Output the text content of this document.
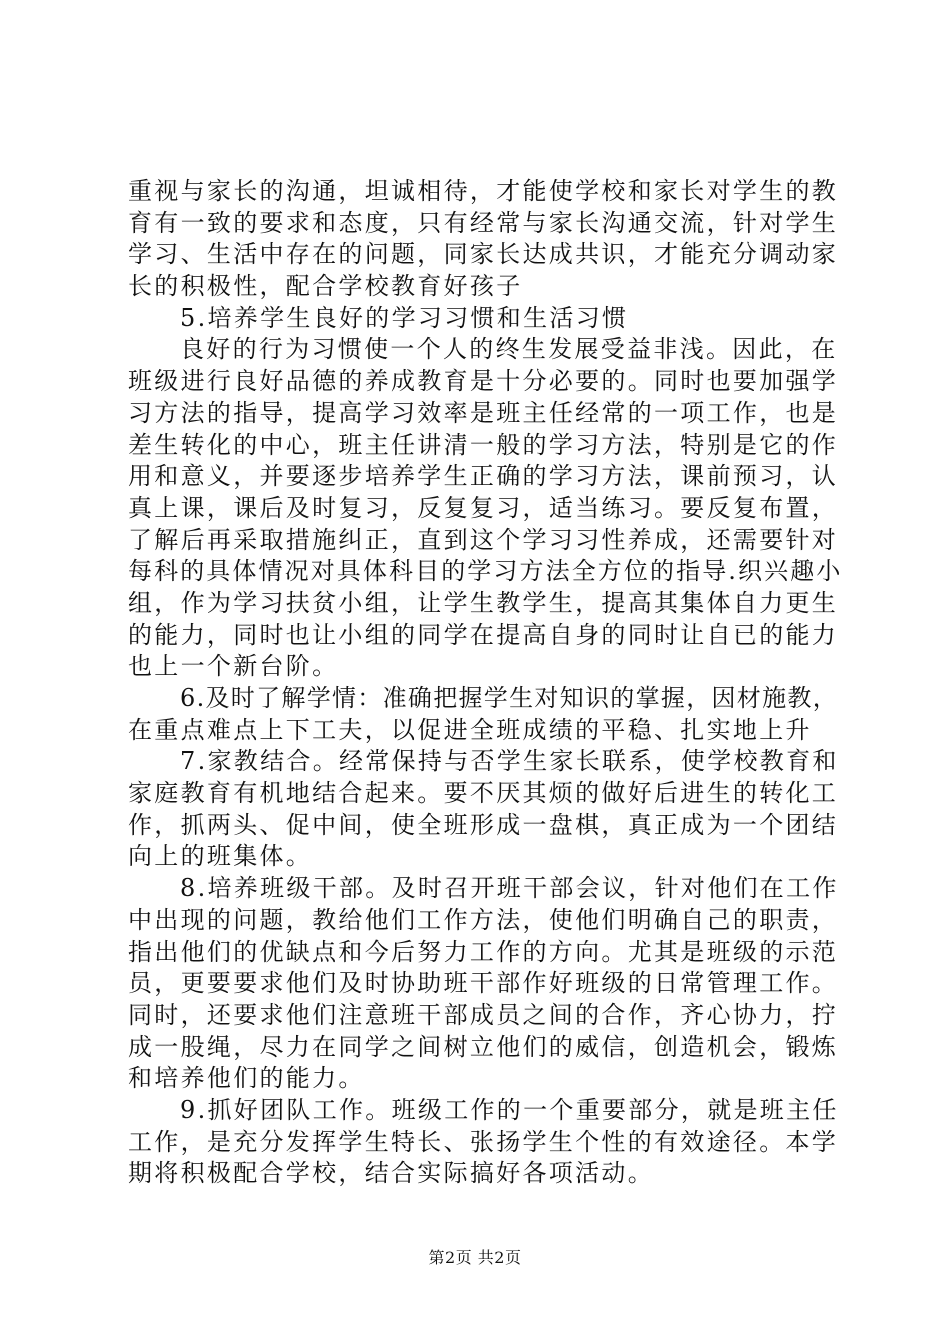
重视与家长的沟通，坦诚相待，才能使学校和家长对学生的教
育有一致的要求和态度，只有经常与家长沟通交流，针对学生
学习、生活中存在的问题，同家长达成共识，才能充分调动家
长的积极性，配合学校教育好孩子
5.培养学生良好的学习习惯和生活习惯
良好的行为习惯使一个人的终生发展受益非浅。因此，在
班级进行良好品德的养成教育是十分必要的。同时也要加强学
习方法的指导，提高学习效率是班主任经常的一项工作，也是
差生转化的中心，班主任讲清一般的学习方法，特别是它的作
用和意义，并要逐步培养学生正确的学习方法，课前预习，认
真上课，课后及时复习，反复复习，适当练习。要反复布置，
了解后再采取措施纠正，直到这个学习习性养成，还需要针对
每科的具体情况对具体科目的学习方法全方位的指导.织兴趣小
组，作为学习扶贫小组，让学生教学生，提高其集体自力更生
的能力，同时也让小组的同学在提高自身的同时让自已的能力
也上一个新台阶。
6.及时了解学情：准确把握学生对知识的掌握，因材施教，
在重点难点上下工夫，以促进全班成绩的平稳、扎实地上升
7.家教结合。经常保持与否学生家长联系，使学校教育和
家庭教育有机地结合起来。要不厌其烦的做好后进生的转化工
作，抓两头、促中间，使全班形成一盘棋，真正成为一个团结
向上的班集体。
8.培养班级干部。及时召开班干部会议，针对他们在工作
中出现的问题，教给他们工作方法，使他们明确自己的职责，
指出他们的优缺点和今后努力工作的方向。尤其是班级的示范
员，更要要求他们及时协助班干部作好班级的日常管理工作。
同时，还要求他们注意班干部成员之间的合作，齐心协力，拧
成一股绳，尽力在同学之间树立他们的威信，创造机会，锻炼
和培养他们的能力。
9.抓好团队工作。班级工作的一个重要部分，就是班主任
工作，是充分发挥学生特长、张扬学生个性的有效途径。本学
期将积极配合学校，结合实际搞好各项活动。
第2页 共2页
